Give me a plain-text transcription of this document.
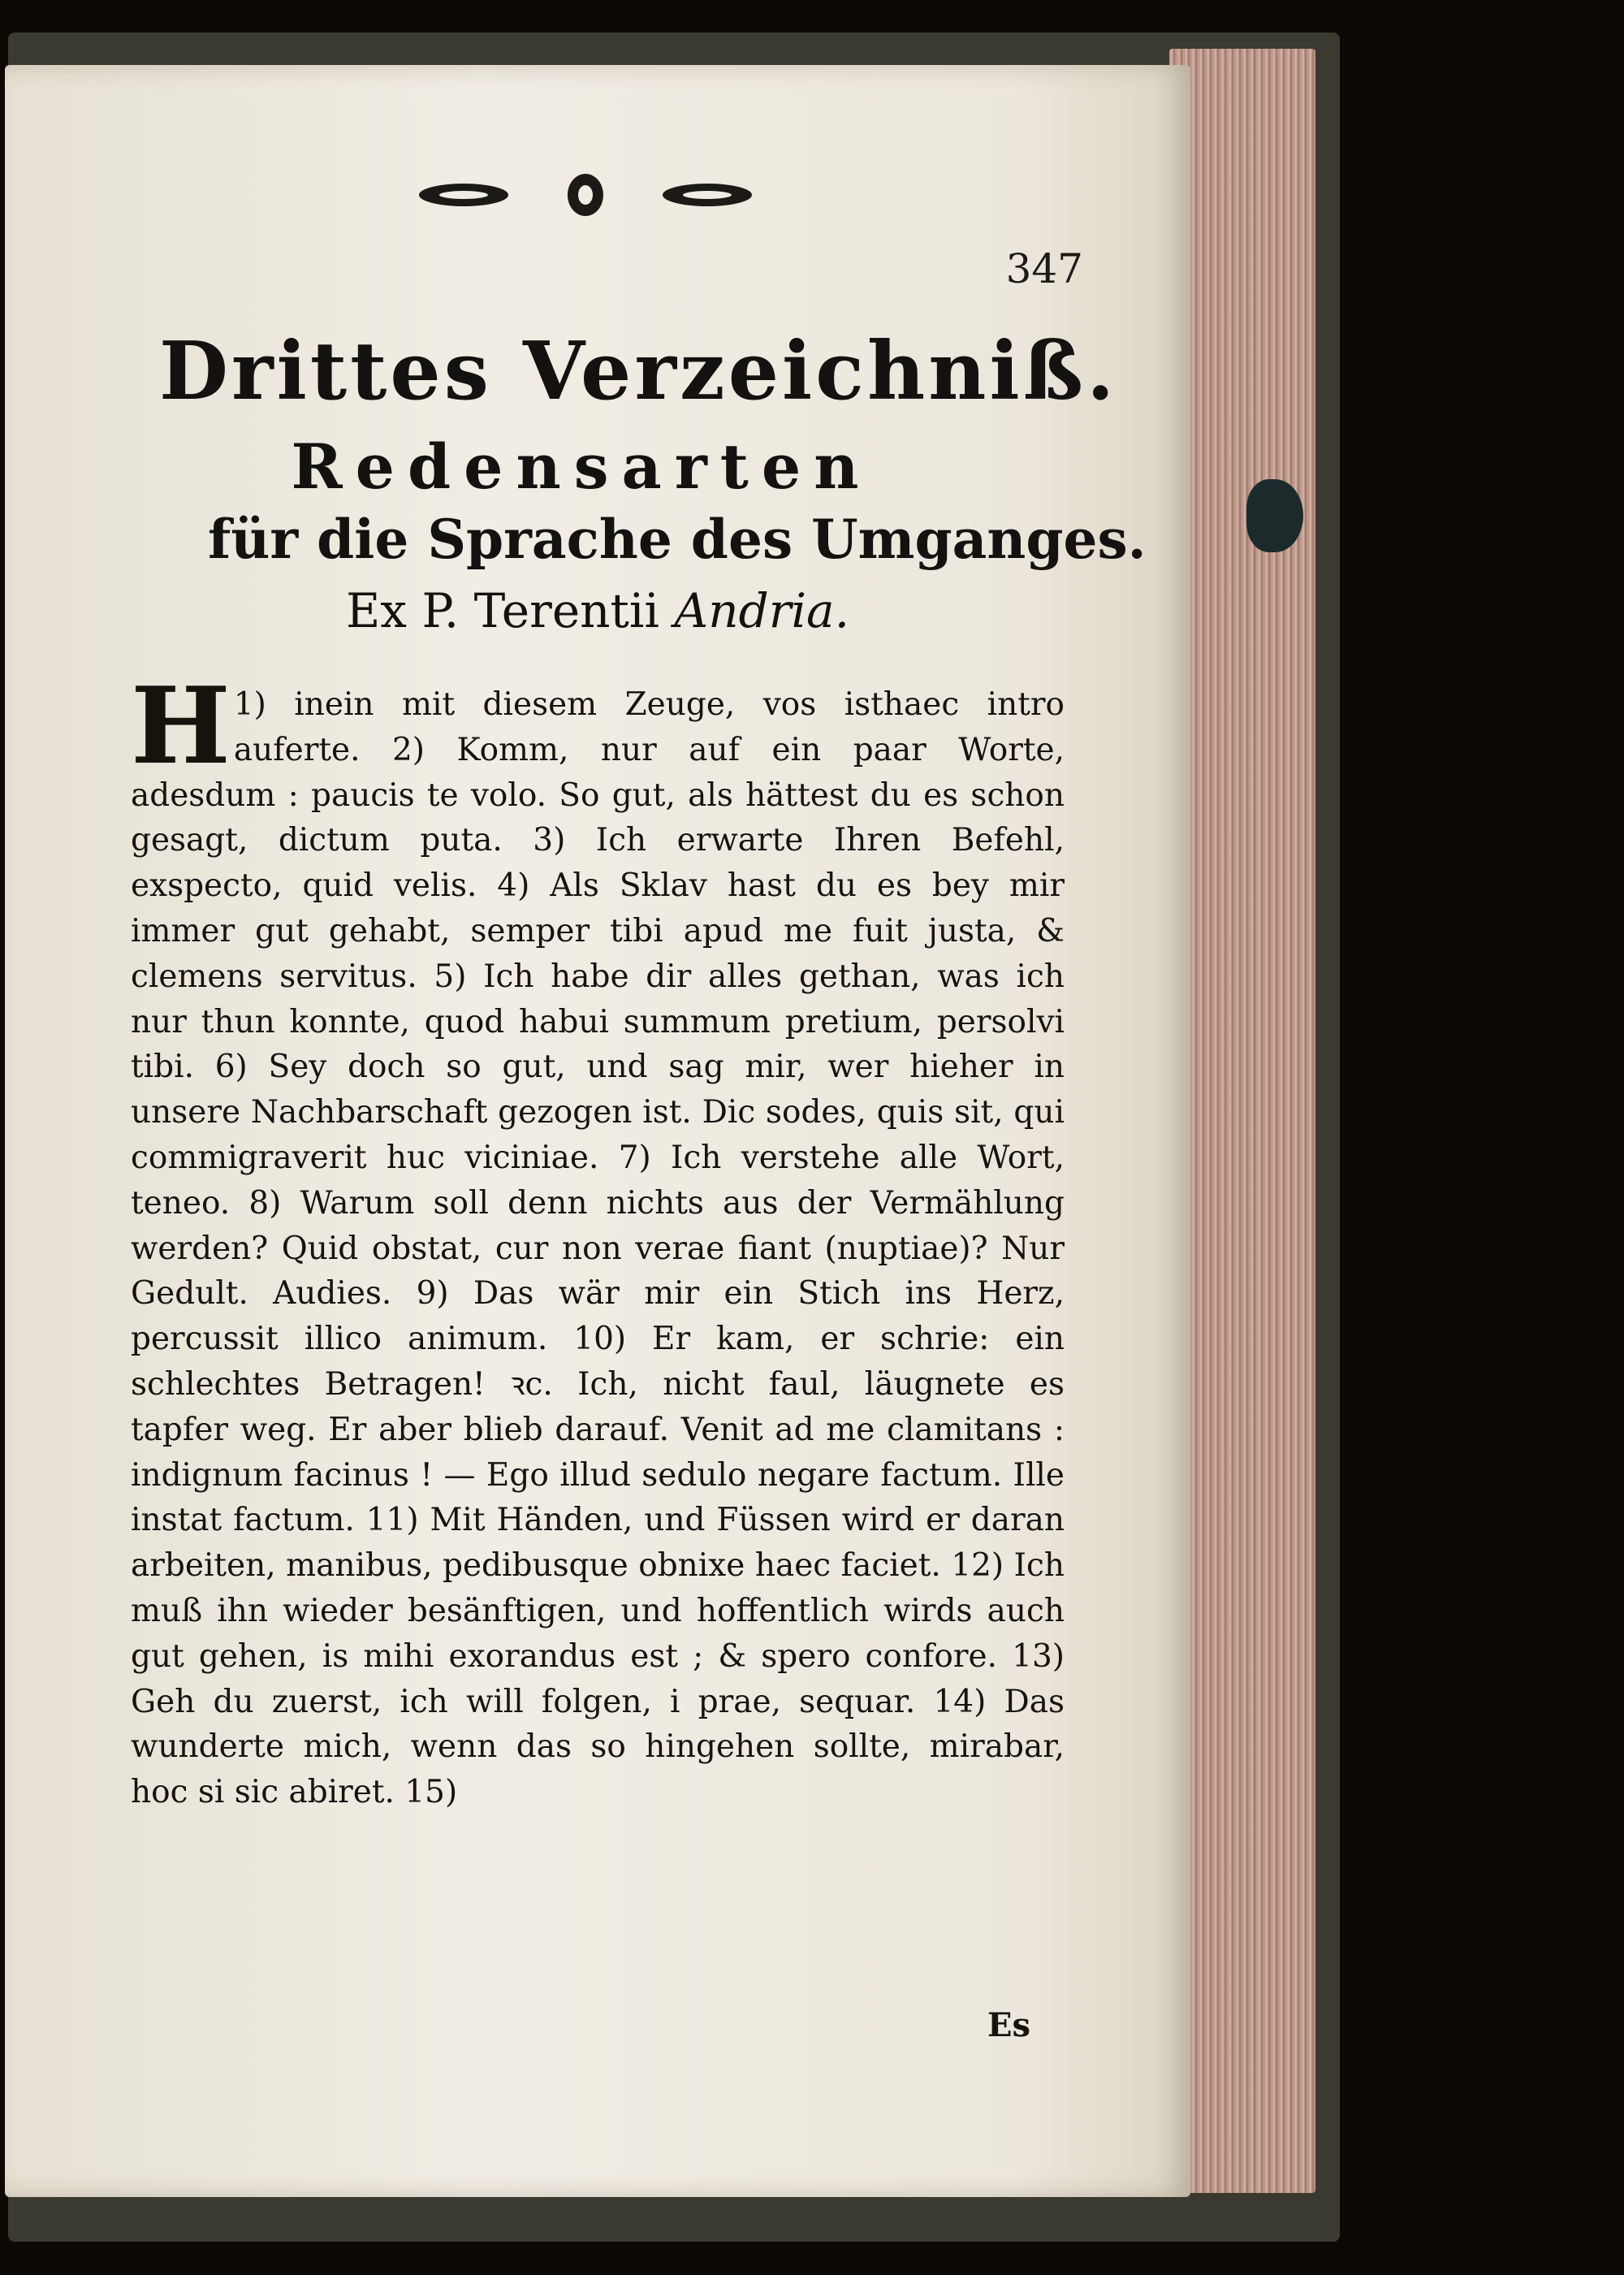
347

Drittes Verzeichniß.
Redensarten
für die Sprache des Umganges.

Ex P. Terentii Andria.

H 1) inein mit diesem Zeuge, vos isthaec intro auferte. 2) Komm, nur auf ein paar Worte, adesdum : paucis te volo. So gut, als hättest du es schon gesagt, dictum puta. 3) Ich erwarte Ihren Befehl, exspecto, quid velis. 4) Als Sklav hast du es bey mir immer gut gehabt, semper tibi apud me fuit justa, & clemens servitus. 5) Ich habe dir alles gethan, was ich nur thun konnte, quod habui summum pretium, persolvi tibi. 6) Sey doch so gut, und sag mir, wer hieher in unsere Nachbarschaft gezogen ist. Dic sodes, quis sit, qui commigraverit huc viciniae. 7) Ich verstehe alle Wort, teneo. 8) Warum soll denn nichts aus der Vermählung werden? Quid obstat, cur non verae fiant (nuptiae)? Nur Gedult. Audies. 9) Das wär mir ein Stich ins Herz, percussit illico animum. 10) Er kam, er schrie: ein schlechtes Betragen! ꝛc. Ich, nicht faul, läugnete es tapfer weg. Er aber blieb darauf. Venit ad me clamitans : indignum facinus ! — Ego illud sedulo negare factum. Ille instat factum. 11) Mit Händen, und Füssen wird er daran arbeiten, manibus, pedibusque obnixe haec faciet. 12) Ich muß ihn wieder besänftigen, und hoffentlich wirds auch gut gehen, is mihi exorandus est ; & spero confore. 13) Geh du zuerst, ich will folgen, i prae, sequar. 14) Das wunderte mich, wenn das so hingehen sollte, mirabar, hoc si sic abiret. 15)

Es
